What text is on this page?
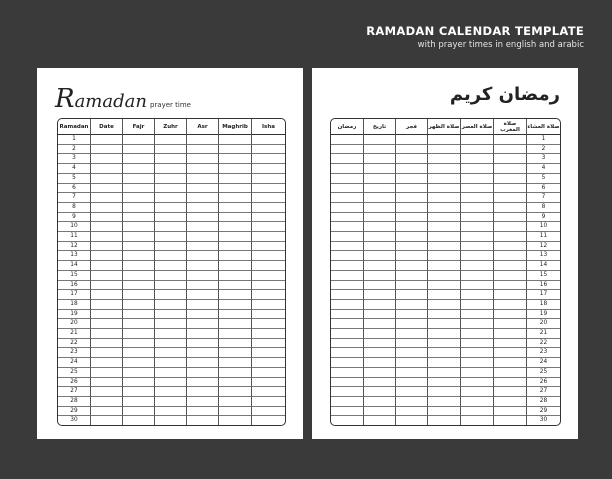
RAMADAN CALENDAR TEMPLATE
with prayer times in english and arabic
Ramadan prayer time
Ramadan	Date	Fajr	Zuhr	Asr	Maghrib	Isha
1						
2						
3						
4						
5						
6						
7						
8						
9						
10						
11						
12						
13						
14						
15						
16						
17						
18						
19						
20						
21						
22						
23						
24						
25						
26						
27						
28						
29						
30						
رمضان كريم
رمضان	تاريخ	فجر	صلاة الظهر	صلاة العصر	صلاة المغرب	صلاة العشاء
						1
						2
						3
						4
						5
						6
						7
						8
						9
						10
						11
						12
						13
						14
						15
						16
						17
						18
						19
						20
						21
						22
						23
						24
						25
						26
						27
						28
						29
						30
